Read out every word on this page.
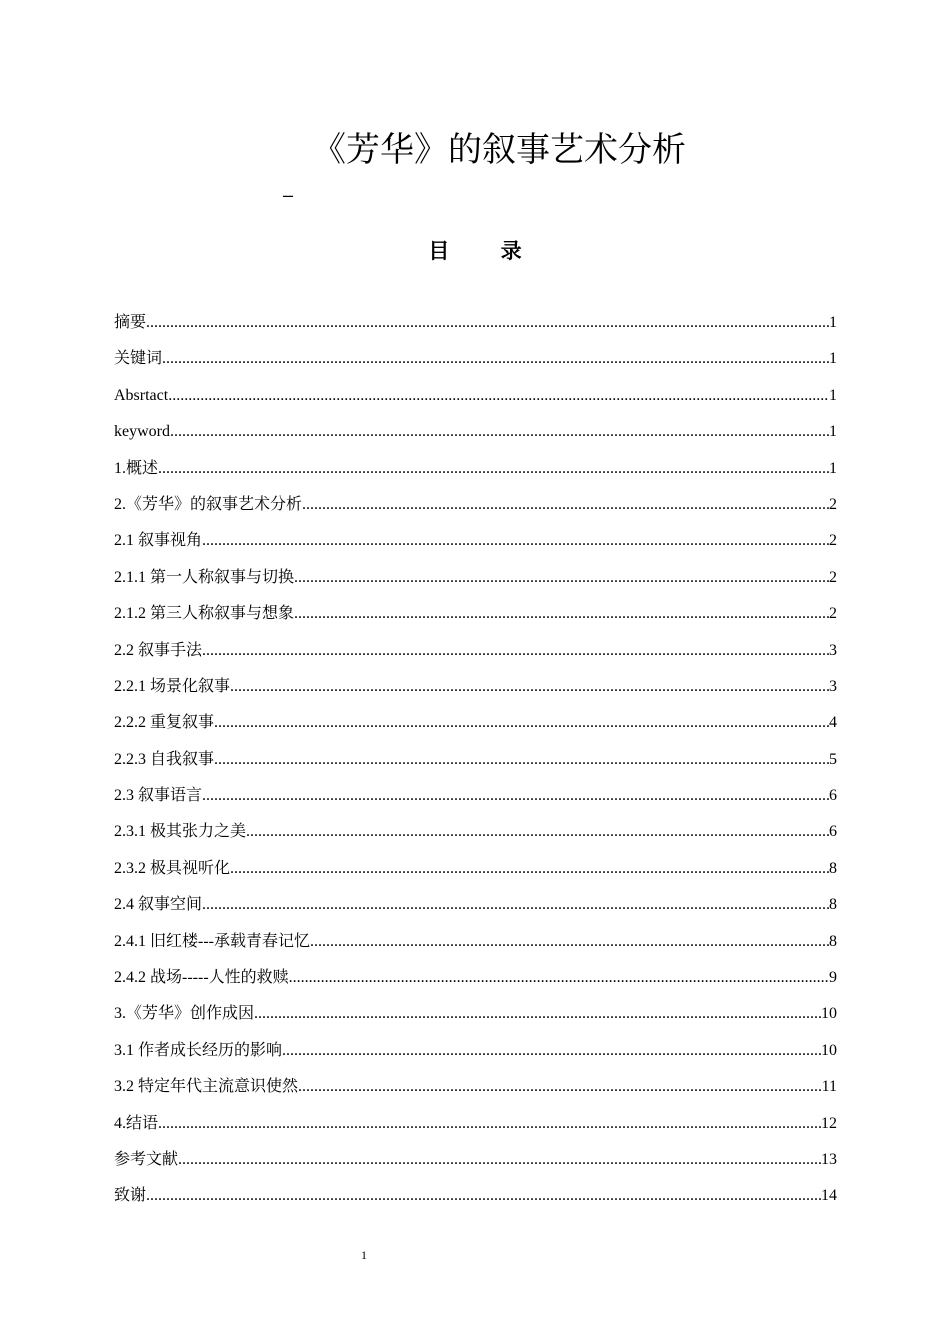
《芳华》的叙事艺术分析
–
目 录
摘要 .....	1
关键词 .....	1
Absrtact .....	1
keyword .....	1
1.概述 .....	1
2.《芳华》的叙事艺术分析 .....	2
2.1 叙事视角 .....	2
2.1.1 第一人称叙事与切换 .....	2
2.1.2 第三人称叙事与想象 .....	2
2.2 叙事手法 .....	3
2.2.1 场景化叙事 .....	3
2.2.2 重复叙事 .....	4
2.2.3 自我叙事 .....	5
2.3 叙事语言 .....	6
2.3.1 极其张力之美 .....	6
2.3.2 极具视听化 .....	8
2.4 叙事空间 .....	8
2.4.1 旧红楼---承载青春记忆 .....	8
2.4.2 战场-----人性的救赎 .....	9
3.《芳华》创作成因 .....	10
3.1 作者成长经历的影响 .....	10
3.2 特定年代主流意识使然 .....	11
4.结语 .....	12
参考文献 .....	13
致谢 .....	14
1
